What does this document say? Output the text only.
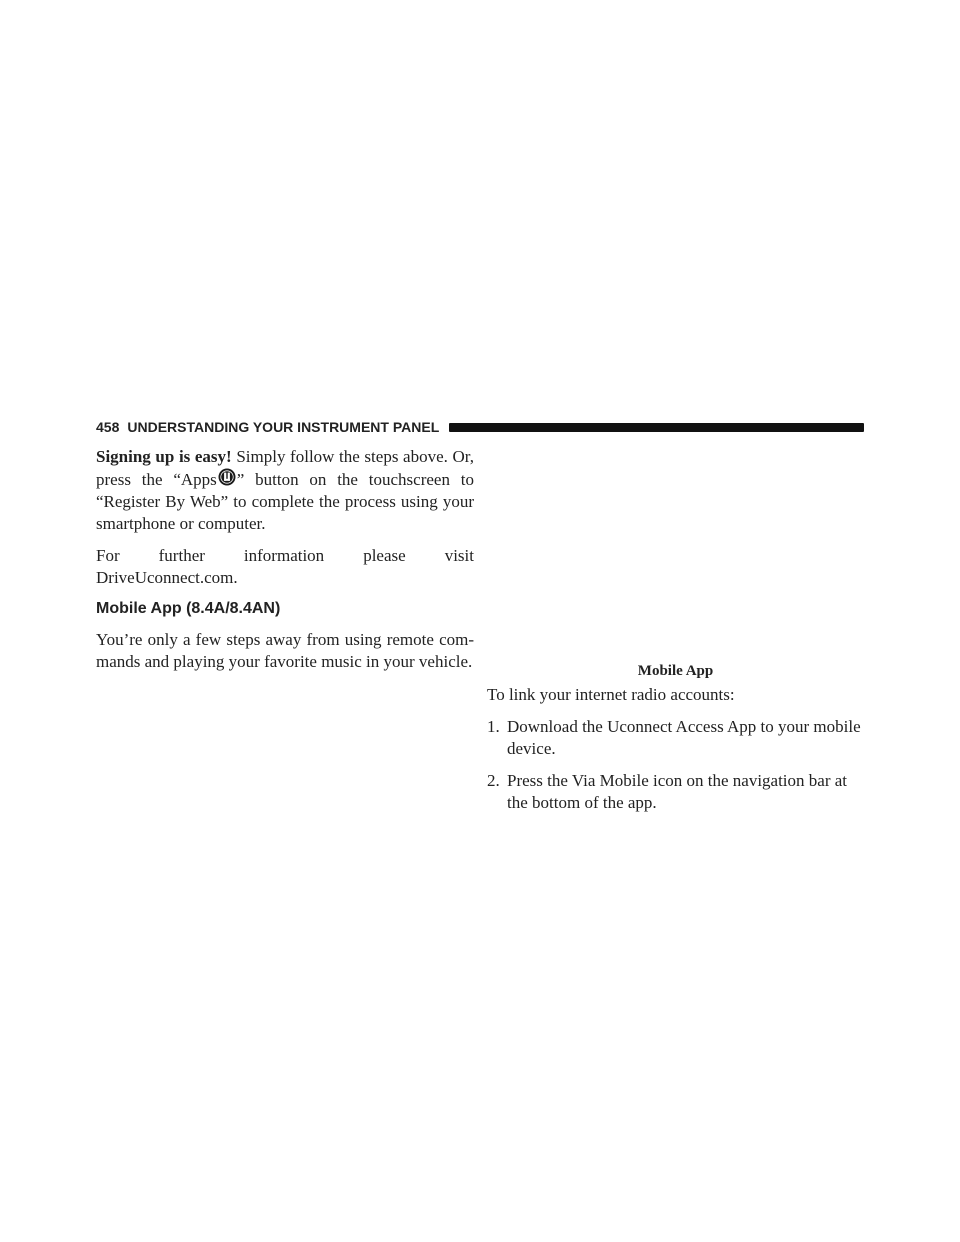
458 UNDERSTANDING YOUR INSTRUMENT PANEL

Signing up is easy! Simply follow the steps above. Or, press the “Apps ” button on the touchscreen to “Register By Web” to complete the process using your smartphone or computer.

For further information please visit DriveUconnect.com.

Mobile App (8.4A/8.4AN)

You’re only a few steps away from using remote com- mands and playing your favorite music in your vehicle.	Mobile App

To link your internet radio accounts:

1. Download the Uconnect Access App to your mobile device.
2. Press the Via Mobile icon on the navigation bar at the bottom of the app.
